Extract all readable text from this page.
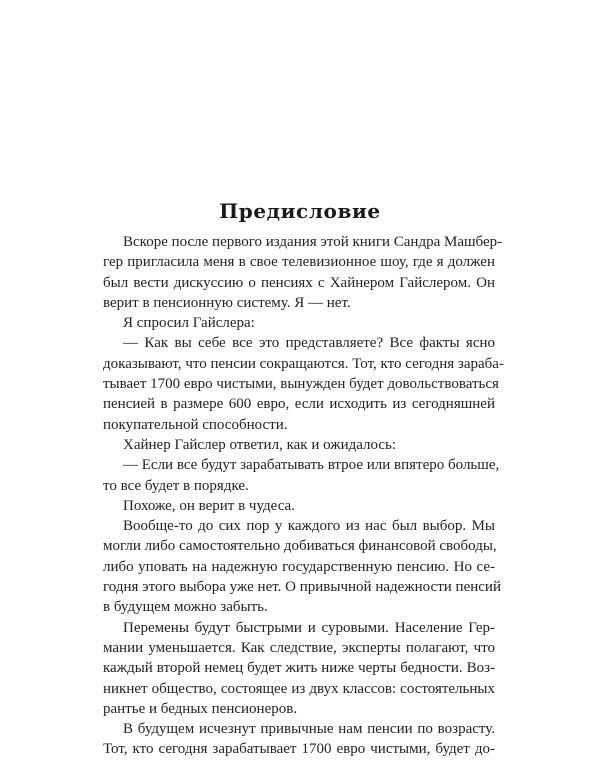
Предисловие
Вскоре после первого издания этой книги Сандра Машбер-
гер пригласила меня в свое телевизионное шоу, где я должен
был вести дискуссию о пенсиях с Хайнером Гайслером. Он
верит в пенсионную систему. Я — нет.
Я спросил Гайслера:
— Как вы себе все это представляете? Все факты ясно
доказывают, что пенсии сокращаются. Тот, кто сегодня зараба-
тывает 1700 евро чистыми, вынужден будет довольствоваться
пенсией в размере 600 евро, если исходить из сегодняшней
покупательной способности.
Хайнер Гайслер ответил, как и ожидалось:
— Если все будут зарабатывать втрое или впятеро больше,
то все будет в порядке.
Похоже, он верит в чудеса.
Вообще-то до сих пор у каждого из нас был выбор. Мы
могли либо самостоятельно добиваться финансовой свободы,
либо уповать на надежную государственную пенсию. Но се-
годня этого выбора уже нет. О привычной надежности пенсий
в будущем можно забыть.
Перемены будут быстрыми и суровыми. Население Гер-
мании уменьшается. Как следствие, эксперты полагают, что
каждый второй немец будет жить ниже черты бедности. Воз-
никнет общество, состоящее из двух классов: состоятельных
рантье и бедных пенсионеров.
В будущем исчезнут привычные нам пенсии по возрасту.
Тот, кто сегодня зарабатывает 1700 евро чистыми, будет до-
